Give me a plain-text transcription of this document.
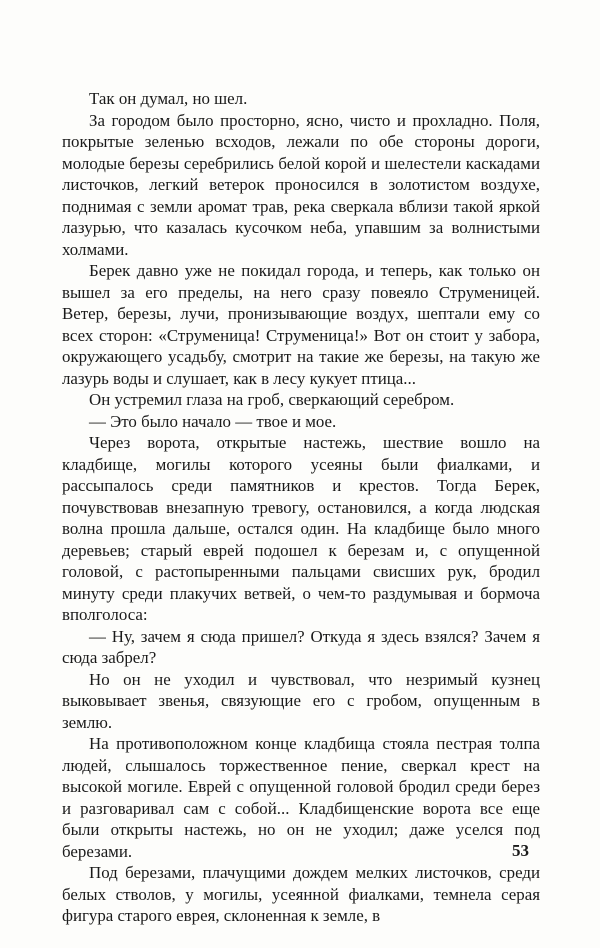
Так он думал, но шел.

За городом было просторно, ясно, чисто и прохладно. Поля, покрытые зеленью всходов, лежали по обе стороны дороги, молодые березы серебрились белой корой и шелестели каскадами листочков, легкий ветерок проносился в золотистом воздухе, поднимая с земли аромат трав, река сверкала вблизи такой яркой лазурью, что казалась кусочком неба, упавшим за волнистыми холмами.

Берек давно уже не покидал города, и теперь, как только он вышел за его пределы, на него сразу повеяло Струменицей. Ветер, березы, лучи, пронизывающие воздух, шептали ему со всех сторон: «Струменица! Струменица!» Вот он стоит у забора, окружающего усадьбу, смотрит на такие же березы, на такую же лазурь воды и слушает, как в лесу кукует птица...

Он устремил глаза на гроб, сверкающий серебром.

— Это было начало — твое и мое.

Через ворота, открытые настежь, шествие вошло на кладбище, могилы которого усеяны были фиалками, и рассыпалось среди памятников и крестов. Тогда Берек, почувствовав внезапную тревогу, остановился, а когда людская волна прошла дальше, остался один. На кладбище было много деревьев; старый еврей подошел к березам и, с опущенной головой, с растопыренными пальцами свисших рук, бродил минуту среди плакучих ветвей, о чем-то раздумывая и бормоча вполголоса:

— Ну, зачем я сюда пришел? Откуда я здесь взялся? Зачем я сюда забрел?

Но он не уходил и чувствовал, что незримый кузнец выковывает звенья, связующие его с гробом, опущенным в землю.

На противоположном конце кладбища стояла пестрая толпа людей, слышалось торжественное пение, сверкал крест на высокой могиле. Еврей с опущенной головой бродил среди берез и разговаривал сам с собой... Кладбищенские ворота все еще были открыты настежь, но он не уходил; даже уселся под березами.

Под березами, плачущими дождем мелких листочков, среди белых стволов, у могилы, усеянной фиалками, темнела серая фигура старого еврея, склоненная к земле, в

53
